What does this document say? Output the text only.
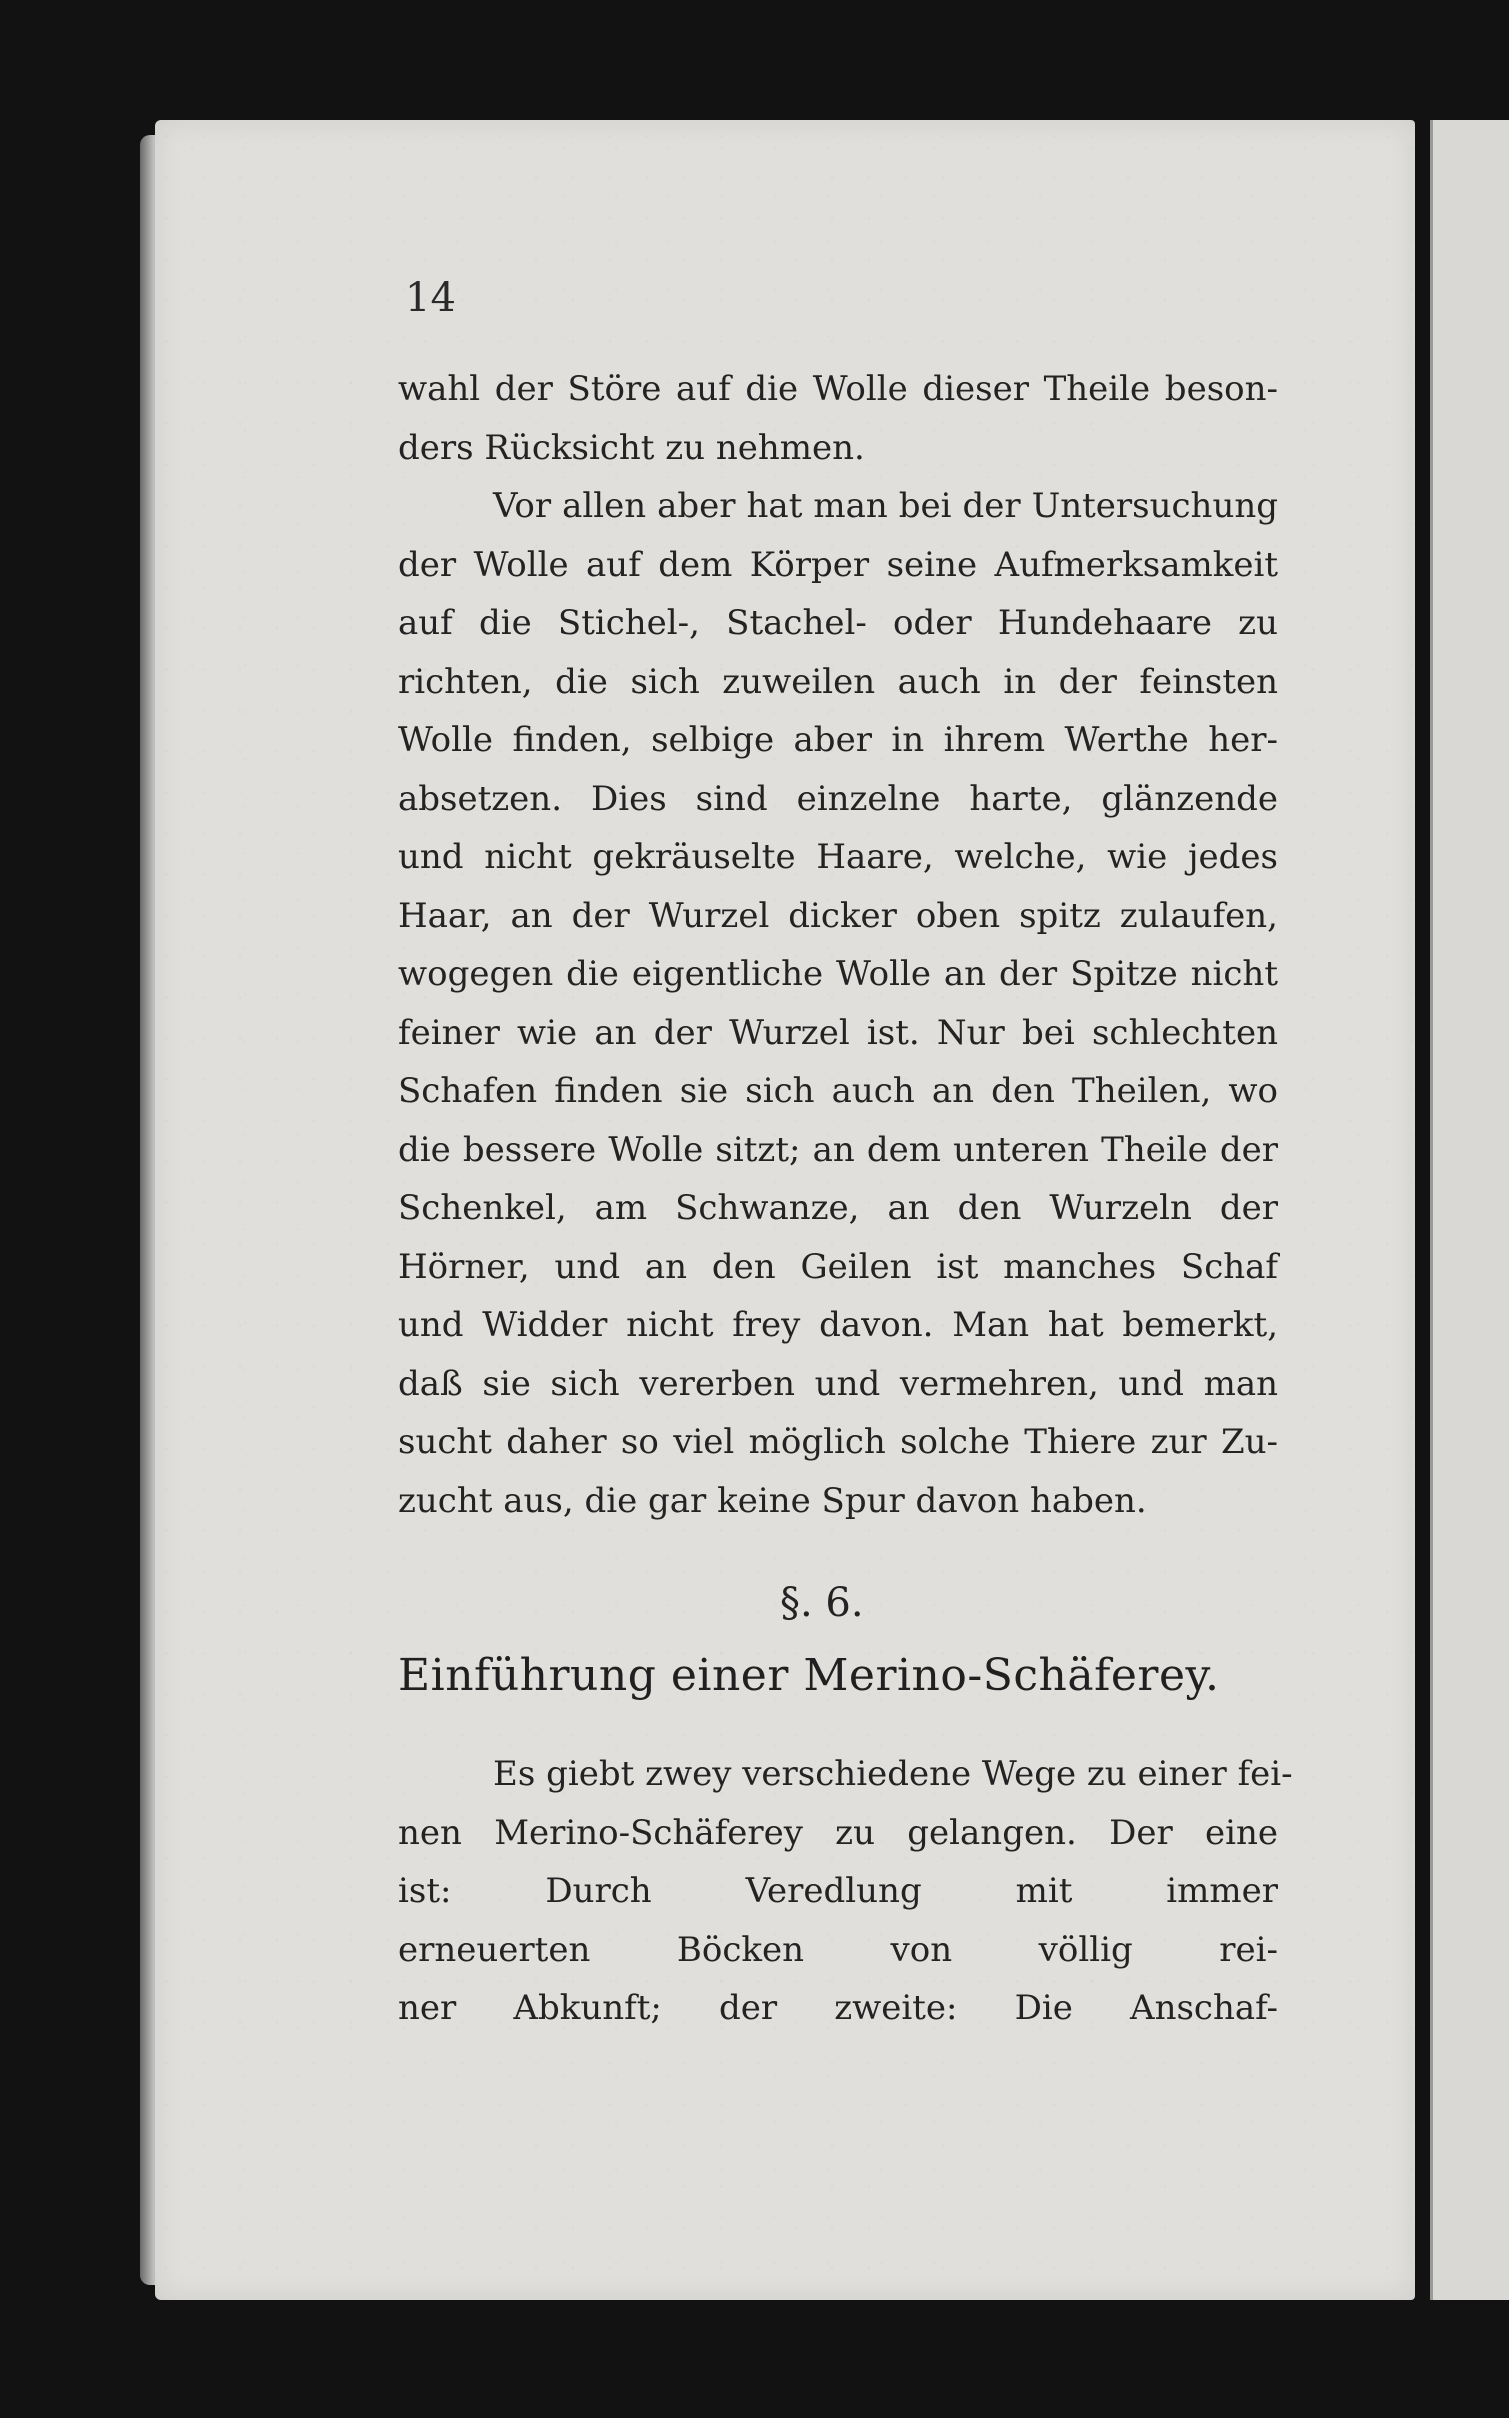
14
wahl der Störe auf die Wolle dieser Theile beson-
ders Rücksicht zu nehmen.
Vor allen aber hat man bei der Untersuchung
der Wolle auf dem Körper seine Aufmerksamkeit
auf die Stichel-, Stachel- oder Hundehaare zu
richten, die sich zuweilen auch in der feinsten
Wolle finden, selbige aber in ihrem Werthe her-
absetzen. Dies sind einzelne harte, glänzende
und nicht gekräuselte Haare, welche, wie jedes
Haar, an der Wurzel dicker oben spitz zulaufen,
wogegen die eigentliche Wolle an der Spitze nicht
feiner wie an der Wurzel ist. Nur bei schlechten
Schafen finden sie sich auch an den Theilen, wo
die bessere Wolle sitzt; an dem unteren Theile der
Schenkel, am Schwanze, an den Wurzeln der
Hörner, und an den Geilen ist manches Schaf
und Widder nicht frey davon. Man hat bemerkt,
daß sie sich vererben und vermehren, und man
sucht daher so viel möglich solche Thiere zur Zu-
zucht aus, die gar keine Spur davon haben.
§. 6.
Einführung einer Merino-Schäferey.
Es giebt zwey verschiedene Wege zu einer fei-
nen Merino-Schäferey zu gelangen. Der eine
ist: Durch Veredlung mit immer
erneuerten Böcken von völlig rei-
ner Abkunft; der zweite: Die Anschaf-
